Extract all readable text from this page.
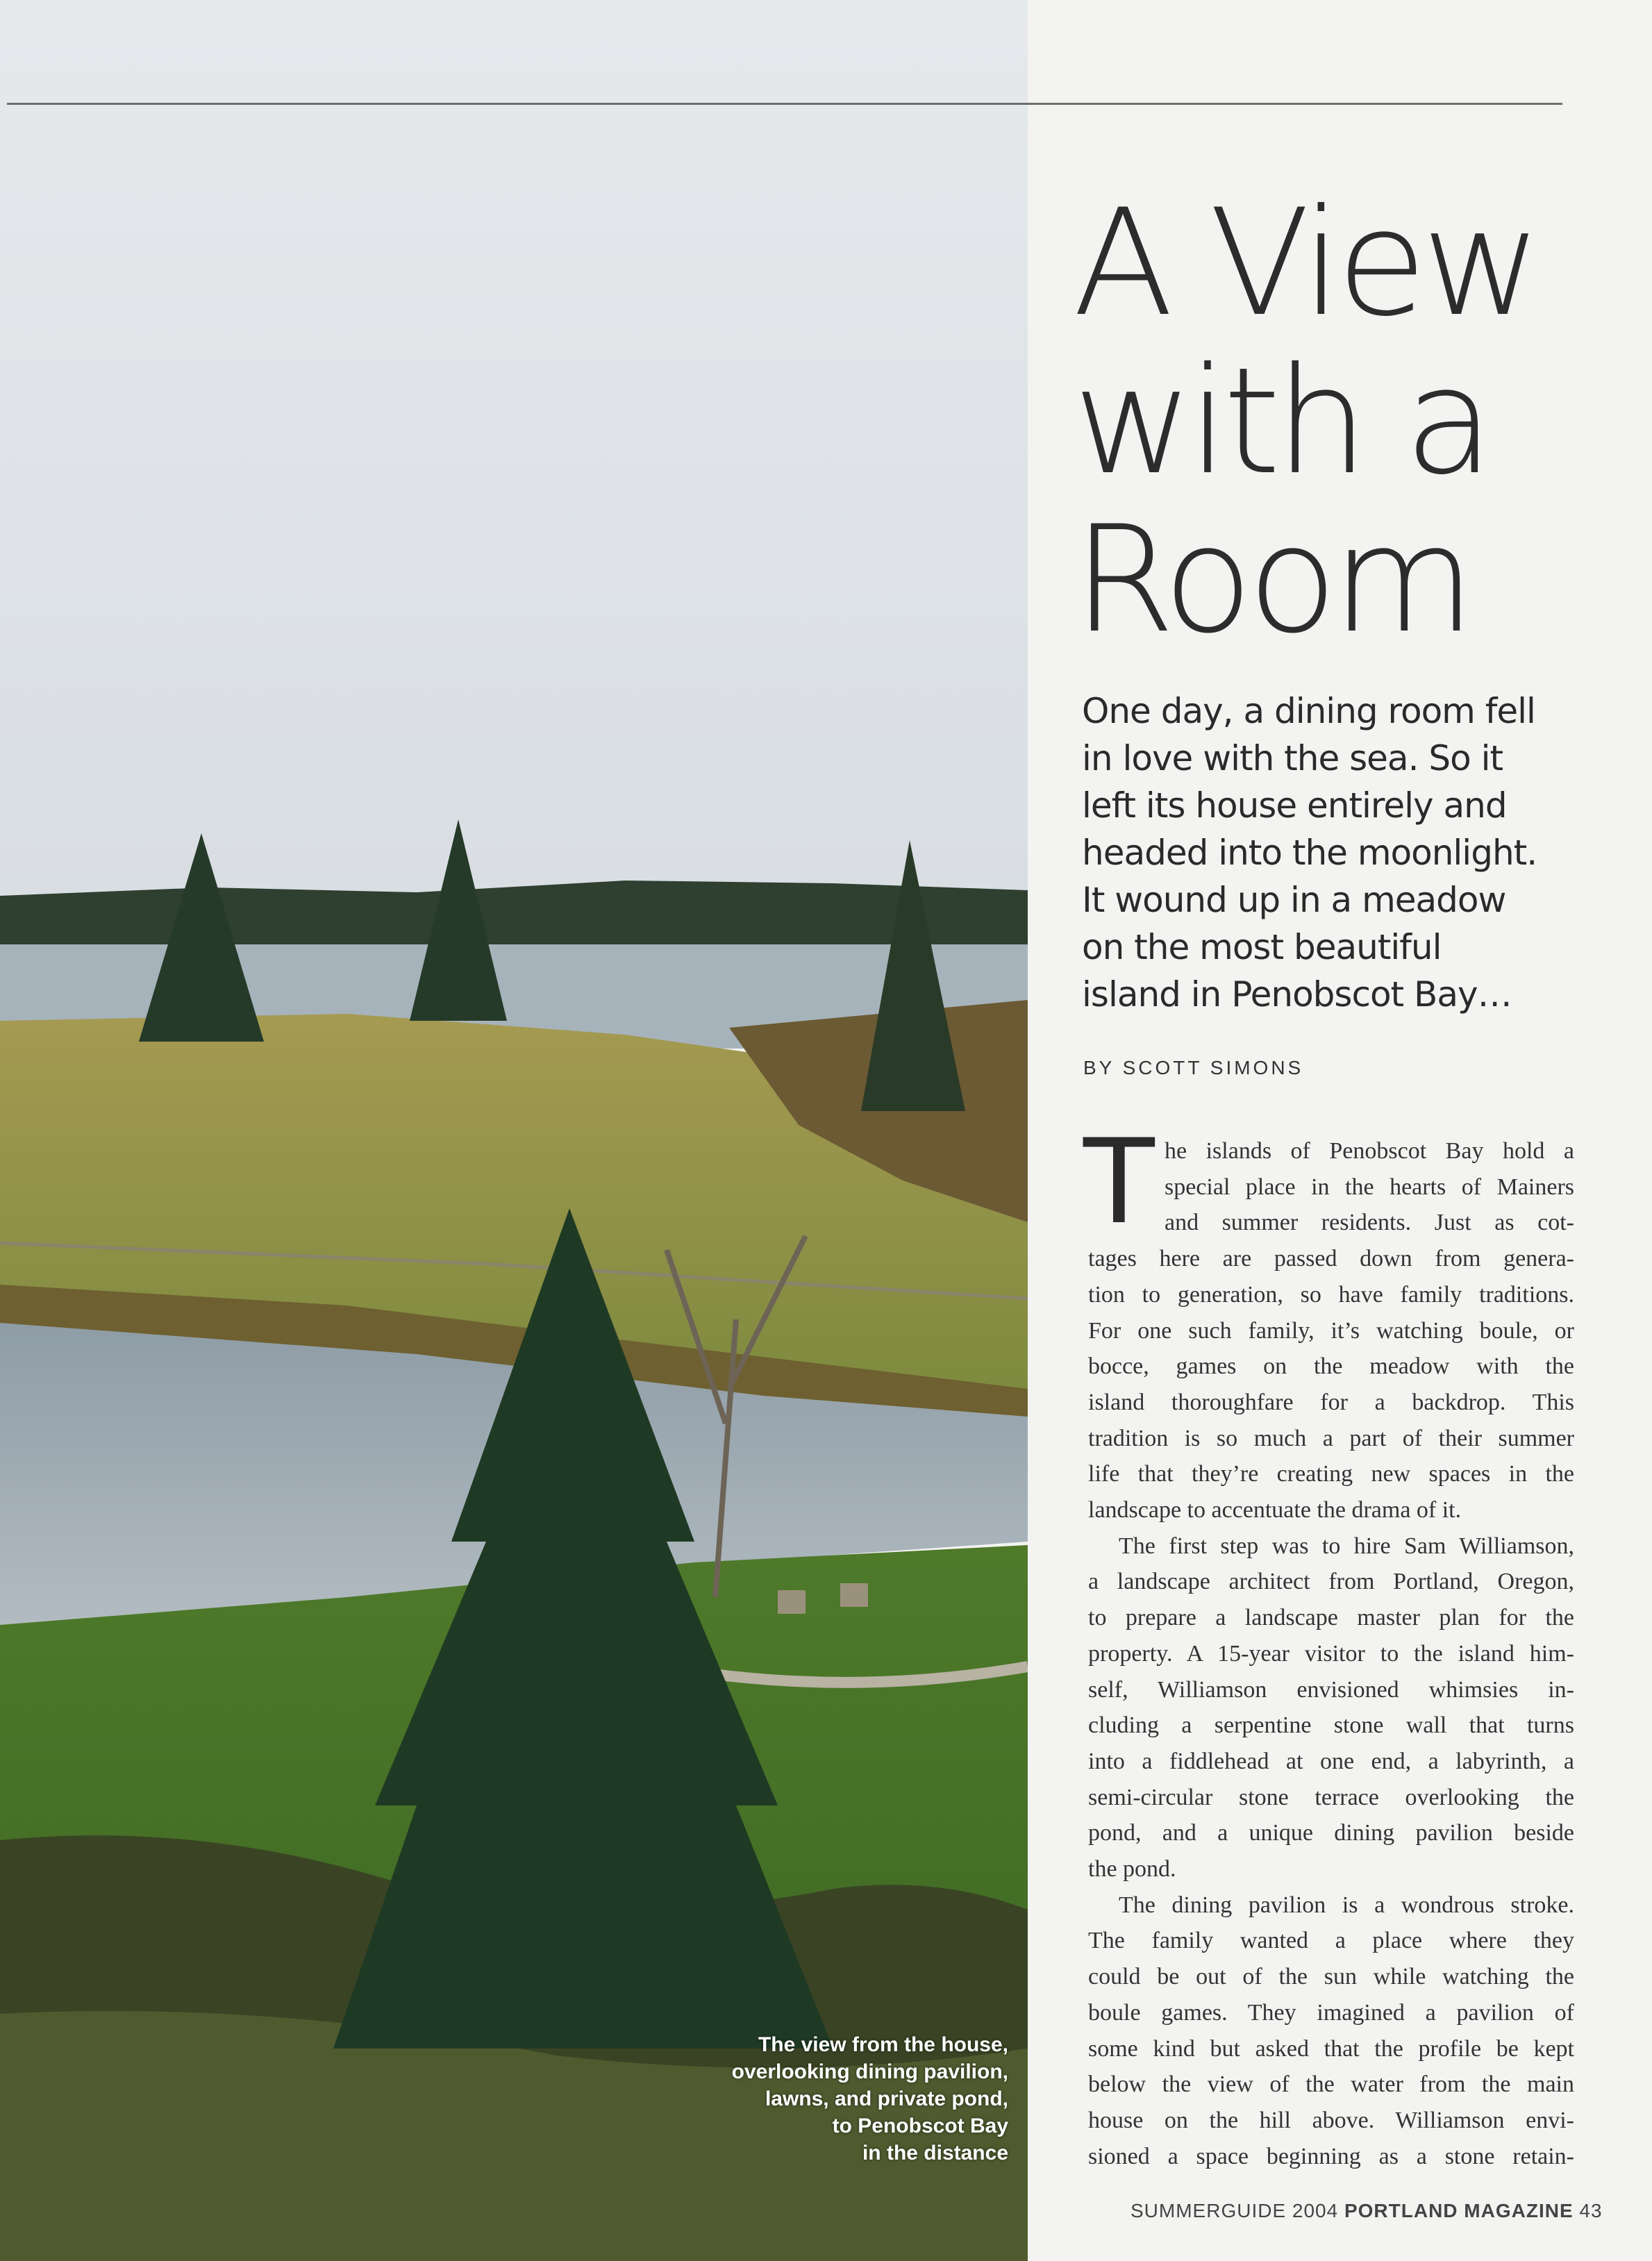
The view from the house,
overlooking dining pavilion,
lawns, and private pond,
to Penobscot Bay
in the distance
A View
with a
Room
One day, a dining room fell
in love with the sea. So it
left its house entirely and
headed into the moonlight.
It wound up in a meadow
on the most beautiful
island in Penobscot Bay…
BY SCOTT SIMONS
T he islands of Penobscot Bay hold a
special place in the hearts of Mainers
and summer residents. Just as cot-
tages here are passed down from genera-
tion to generation, so have family traditions.
For one such family, it’s watching boule, or
bocce, games on the meadow with the
island thoroughfare for a backdrop. This
tradition is so much a part of their summer
life that they’re creating new spaces in the
landscape to accentuate the drama of it.
The first step was to hire Sam Williamson,
a landscape architect from Portland, Oregon,
to prepare a landscape master plan for the
property. A 15-year visitor to the island him-
self, Williamson envisioned whimsies in-
cluding a serpentine stone wall that turns
into a fiddlehead at one end, a labyrinth, a
semi-circular stone terrace overlooking the
pond, and a unique dining pavilion beside
the pond.
The dining pavilion is a wondrous stroke.
The family wanted a place where they
could be out of the sun while watching the
boule games. They imagined a pavilion of
some kind but asked that the profile be kept
below the view of the water from the main
house on the hill above. Williamson envi-
sioned a space beginning as a stone retain-
SUMMERGUIDE 2004 PORTLAND MAGAZINE 43
